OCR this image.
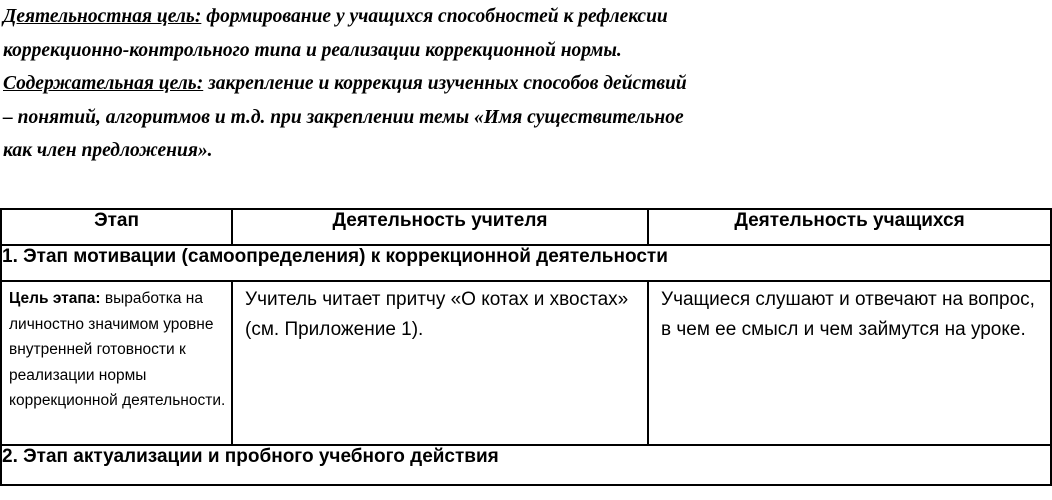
Деятельностная цель: формирование у учащихся способностей к рефлексии
коррекционно-контрольного типа и реализации коррекционной нормы.
Содержательная цель: закрепление и коррекция изученных способов действий
– понятий, алгоритмов и т.д. при закреплении темы «Имя существительное
как член предложения».
Этап	Деятельность учителя	Деятельность учащихся
1. Этап мотивации (самоопределения) к коррекционной деятельности		
Цель этапа: выработка на личностно значимом уровне внутренней готовности к реализации нормы коррекционной деятельности.	Учитель читает притчу «О котах и хвостах» (см. Приложение 1).	Учащиеся слушают и отвечают на вопрос, в чем ее смысл и чем займутся на уроке.
2. Этап актуализации и пробного учебного действия		
